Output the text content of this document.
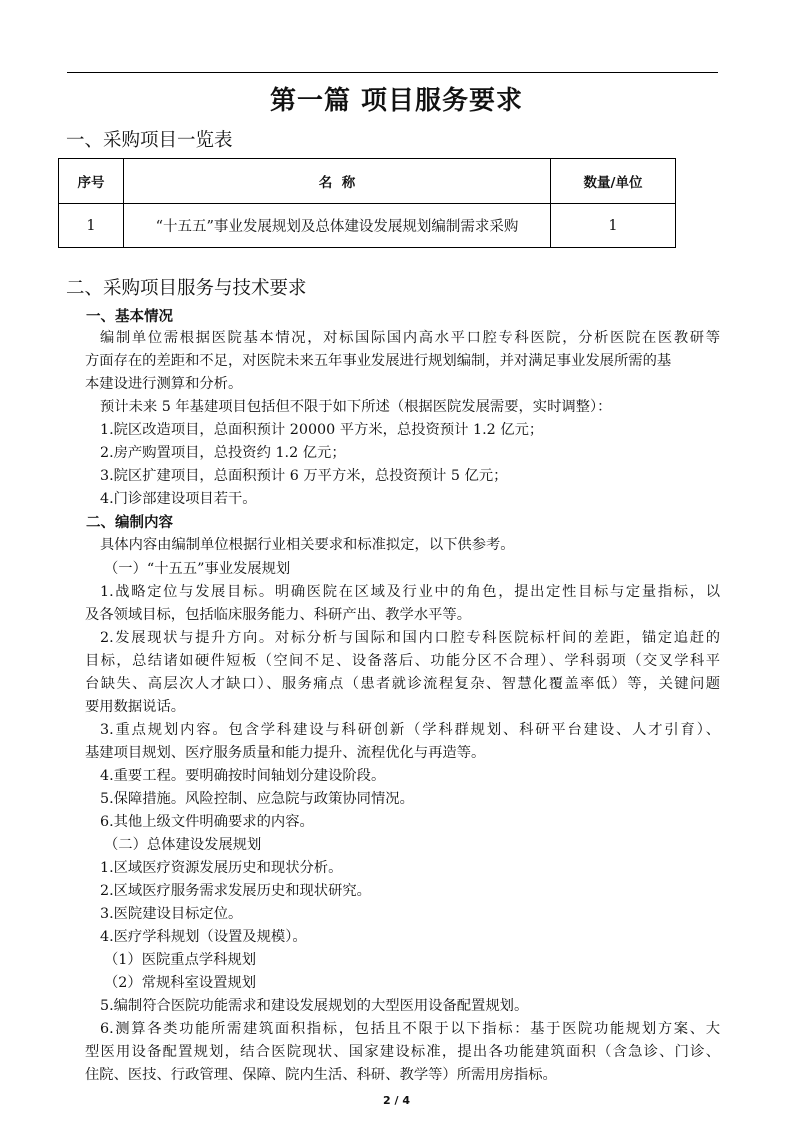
第一篇 项目服务要求
一、采购项目一览表
序号	名  称	数量/单位
1	“十五五”事业发展规划及总体建设发展规划编制需求采购	1
二、采购项目服务与技术要求
一、基本情况
编制单位需根据医院基本情况，对标国际国内高水平口腔专科医院，分析医院在医教研等
方面存在的差距和不足，对医院未来五年事业发展进行规划编制，并对满足事业发展所需的基
本建设进行测算和分析。
预计未来 5 年基建项目包括但不限于如下所述（根据医院发展需要，实时调整）：
1.院区改造项目，总面积预计 20000 平方米，总投资预计 1.2 亿元；
2.房产购置项目，总投资约 1.2 亿元；
3.院区扩建项目，总面积预计 6 万平方米，总投资预计 5 亿元；
4.门诊部建设项目若干。
二、编制内容
具体内容由编制单位根据行业相关要求和标准拟定，以下供参考。
（一）“十五五”事业发展规划
1.战略定位与发展目标。明确医院在区域及行业中的角色，提出定性目标与定量指标，以
及各领域目标，包括临床服务能力、科研产出、教学水平等。
2.发展现状与提升方向。对标分析与国际和国内口腔专科医院标杆间的差距，锚定追赶的
目标，总结诸如硬件短板（空间不足、设备落后、功能分区不合理）、学科弱项（交叉学科平
台缺失、高层次人才缺口）、服务痛点（患者就诊流程复杂、智慧化覆盖率低）等，关键问题
要用数据说话。
3.重点规划内容。包含学科建设与科研创新（学科群规划、科研平台建设、人才引育）、
基建项目规划、医疗服务质量和能力提升、流程优化与再造等。
4.重要工程。要明确按时间轴划分建设阶段。
5.保障措施。风险控制、应急院与政策协同情况。
6.其他上级文件明确要求的内容。
（二）总体建设发展规划
1.区域医疗资源发展历史和现状分析。
2.区域医疗服务需求发展历史和现状研究。
3.医院建设目标定位。
4.医疗学科规划（设置及规模）。
（1）医院重点学科规划
（2）常规科室设置规划
5.编制符合医院功能需求和建设发展规划的大型医用设备配置规划。
6.测算各类功能所需建筑面积指标，包括且不限于以下指标：基于医院功能规划方案、大
型医用设备配置规划，结合医院现状、国家建设标准，提出各功能建筑面积（含急诊、门诊、
住院、医技、行政管理、保障、院内生活、科研、教学等）所需用房指标。
2 / 4
